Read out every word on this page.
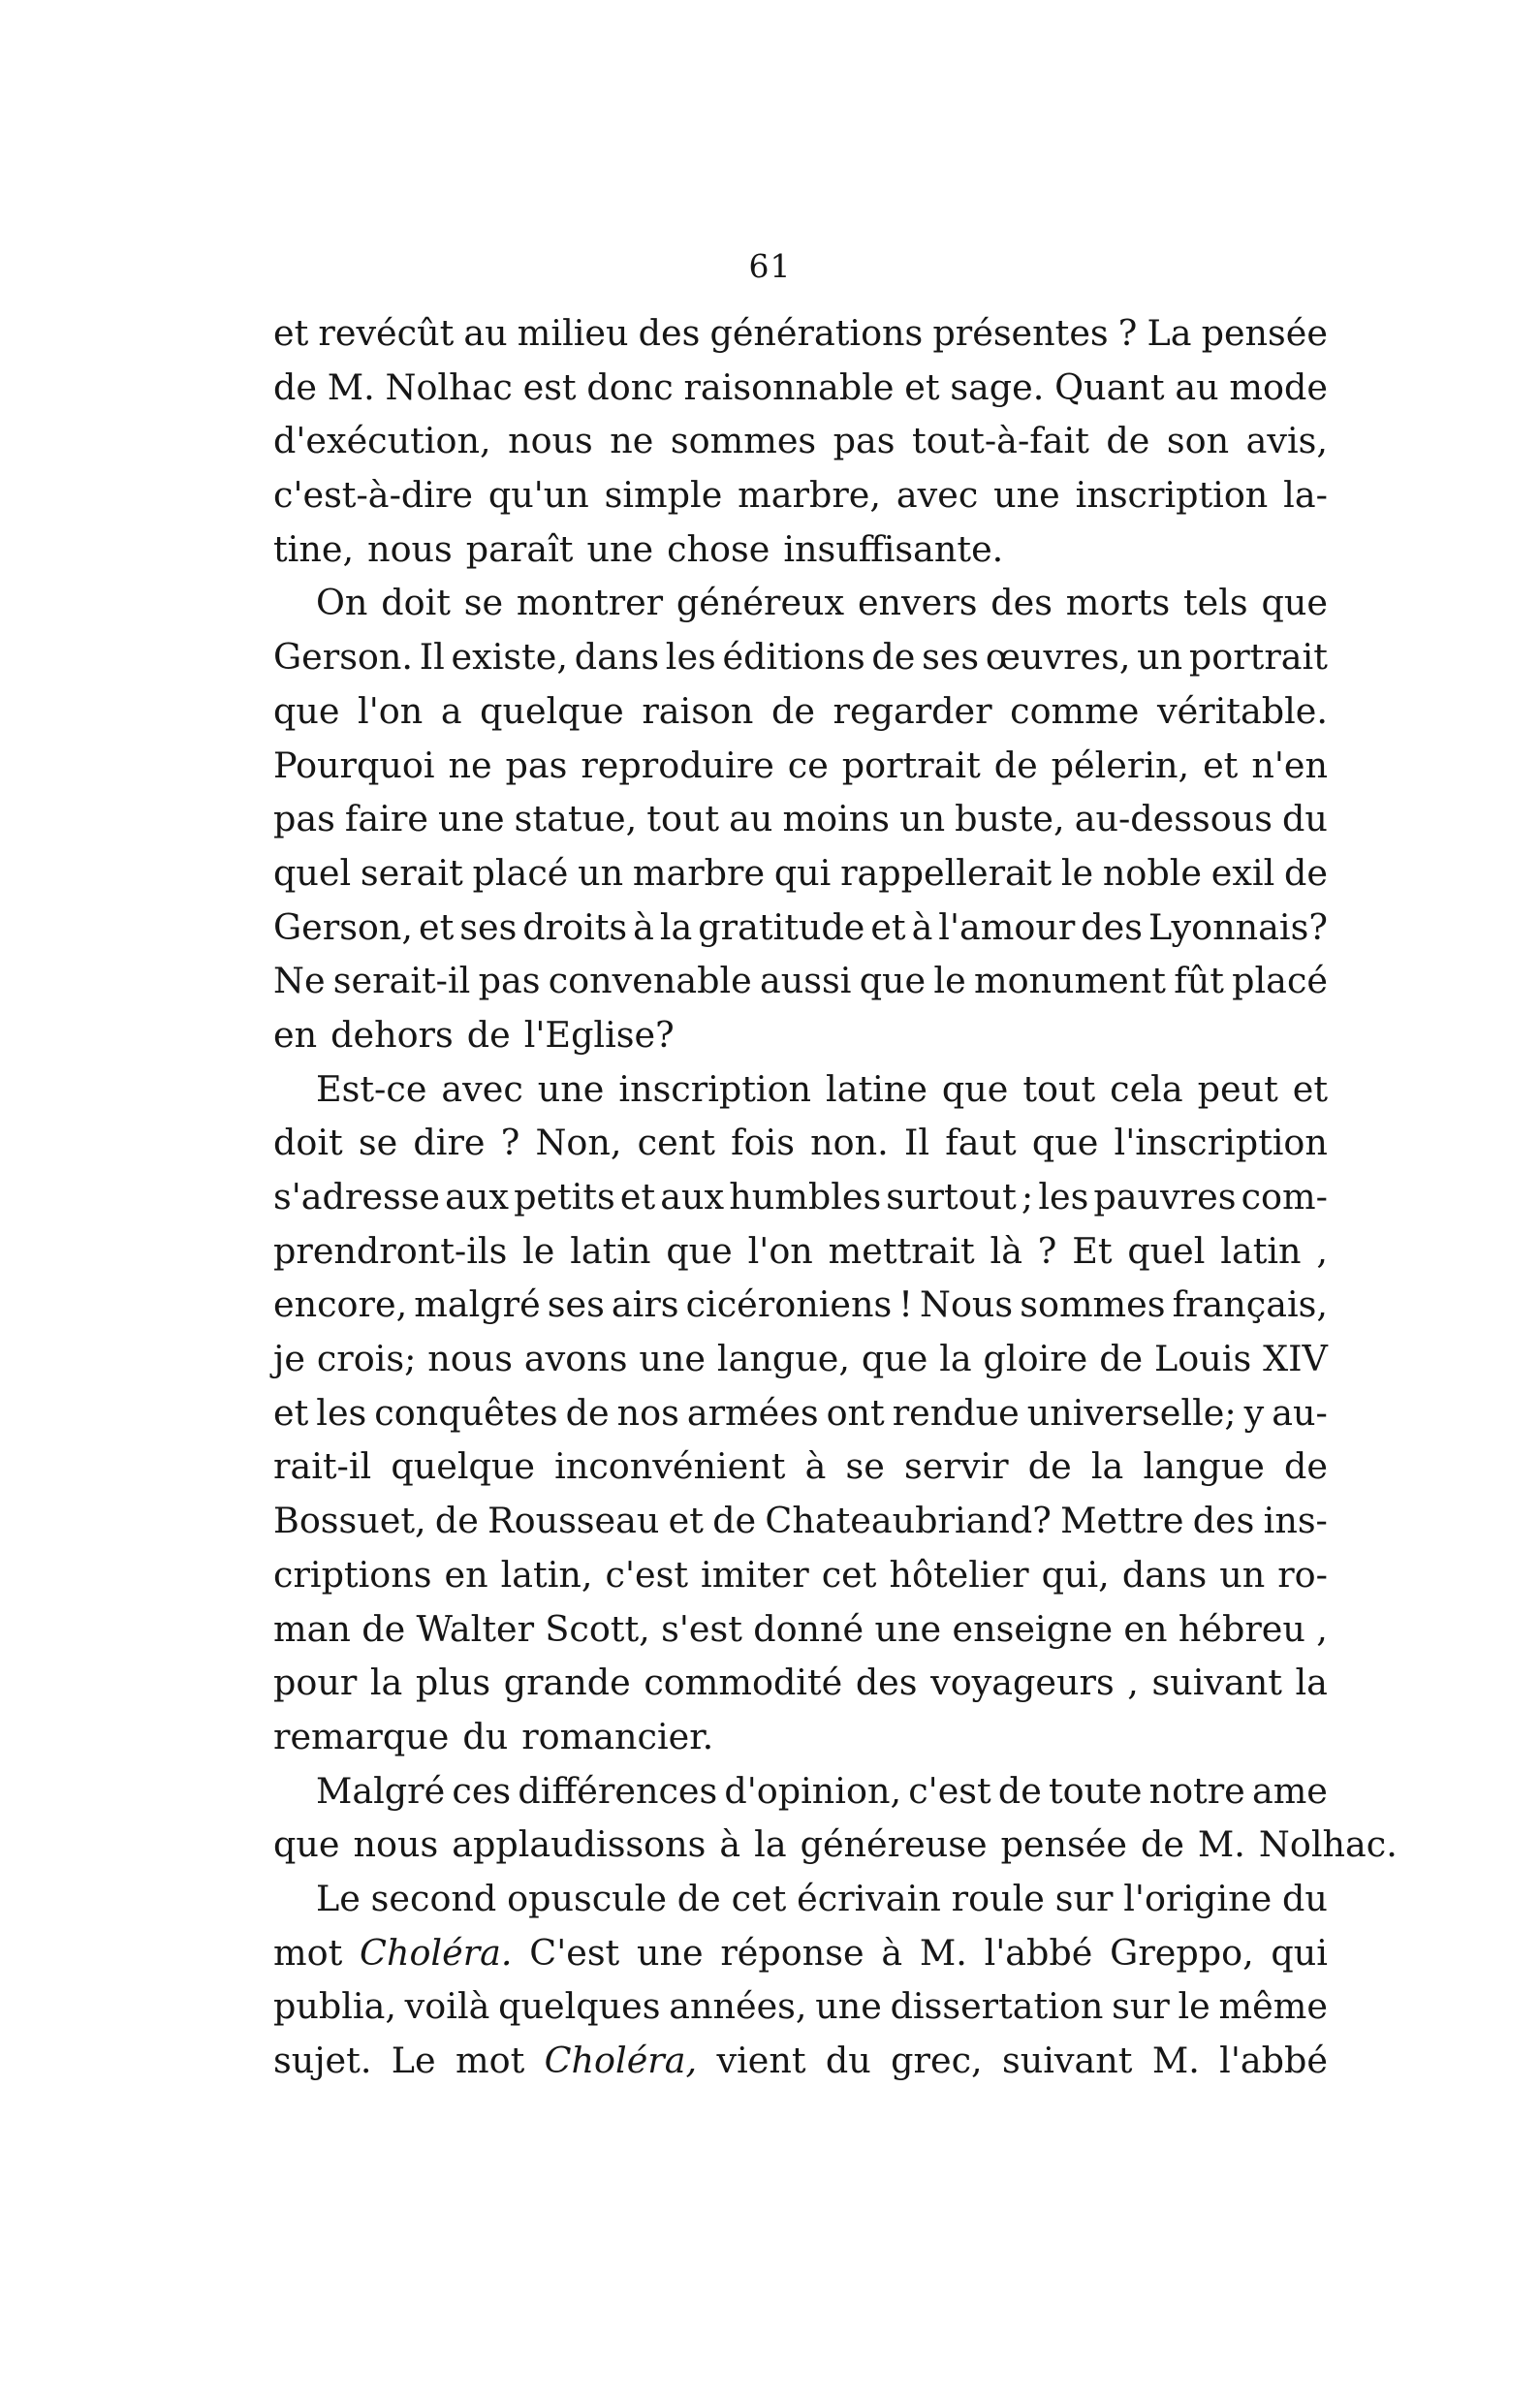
61
et revécût au milieu des générations présentes ? La pensée
de M. Nolhac est donc raisonnable et sage. Quant au mode
d'exécution, nous ne sommes pas tout-à-fait de son avis,
c'est-à-dire qu'un simple marbre, avec une inscription la-
tine, nous paraît une chose insuffisante.
On doit se montrer généreux envers des morts tels que
Gerson. Il existe, dans les éditions de ses œuvres, un portrait
que l'on a quelque raison de regarder comme véritable.
Pourquoi ne pas reproduire ce portrait de pélerin, et n'en
pas faire une statue, tout au moins un buste, au-dessous du
quel serait placé un marbre qui rappellerait le noble exil de
Gerson, et ses droits à la gratitude et à l'amour des Lyonnais?
Ne serait-il pas convenable aussi que le monument fût placé
en dehors de l'Eglise?
Est-ce avec une inscription latine que tout cela peut et
doit se dire ? Non, cent fois non. Il faut que l'inscription
s'adresse aux petits et aux humbles surtout ; les pauvres com-
prendront-ils le latin que l'on mettrait là ? Et quel latin ,
encore, malgré ses airs cicéroniens ! Nous sommes français,
je crois; nous avons une langue, que la gloire de Louis XIV
et les conquêtes de nos armées ont rendue universelle; y au-
rait-il quelque inconvénient à se servir de la langue de
Bossuet, de Rousseau et de Chateaubriand? Mettre des ins-
criptions en latin, c'est imiter cet hôtelier qui, dans un ro-
man de Walter Scott, s'est donné une enseigne en hébreu ,
pour la plus grande commodité des voyageurs , suivant la
remarque du romancier.
Malgré ces différences d'opinion, c'est de toute notre ame
que nous applaudissons à la généreuse pensée de M. Nolhac.
Le second opuscule de cet écrivain roule sur l'origine du
mot Choléra. C'est une réponse à M. l'abbé Greppo, qui
publia, voilà quelques années, une dissertation sur le même
sujet. Le mot Choléra, vient du grec, suivant M. l'abbé
